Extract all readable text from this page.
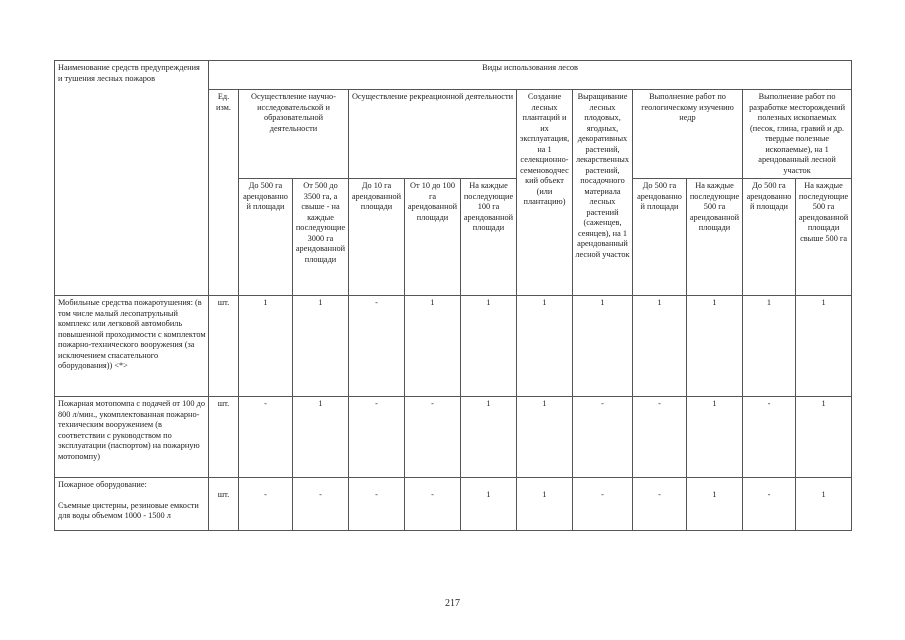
Наименование средств предупреждения и тушения лесных пожаров	Виды использования лесов											
	Ед. изм.	Осуществление научно-исследовательской и образовательной деятельности		Осуществление рекреационной деятельности			Создание лесных плантаций и их эксплуатация, на 1 селекционно-семеноводческий объект (или плантацию)	Выращивание лесных плодовых, ягодных, декоративных растений, лекарственных растений, посадочного материала лесных растений (саженцев, сеянцев), на 1 арендованный лесной участок	Выполнение работ по геологическому изучению недр		Выполнение работ по разработке месторождений полезных ископаемых (песок, глина, гравий и др. твердые полезные ископаемые), на 1 арендованный лесной участок	
		До 500 га арендованной площади	От 500 до 3500 га, а свыше - на каждые последующие 3000 га арендованной площади	До 10 га арендованной площади	От 10 до 100 га арендованной площади	На каждые последующие 100 га арендованной площади			До 500 га арендованной площади	На каждые последующие 500 га арендованной площади	До 500 га арендованной площади	На каждые последующие 500 га арендованной площади свыше 500 га
Мобильные средства пожаротушения: (в том числе малый лесопатрульный комплекс или легковой автомобиль повышенной проходимости с комплектом пожарно-технического вооружения (за исключением спасательного оборудования)) <*>	шт.	1	1	-	1	1	1	1	1	1	1	1
Пожарная мотопомпа с подачей от 100 до 800 л/мин., укомплектованная пожарно-техническим вооружением (в соответствии с руководством по эксплуатации (паспортом) на пожарную мотопомпу)	шт.	-	1	-	-	1	1	-	-	1	-	1
Пожарное оборудование:
Съемные цистерны, резиновые емкости для воды объемом 1000 - 1500 л	шт.	-	-	-	-	1	1	-	-	1	-	1
217
